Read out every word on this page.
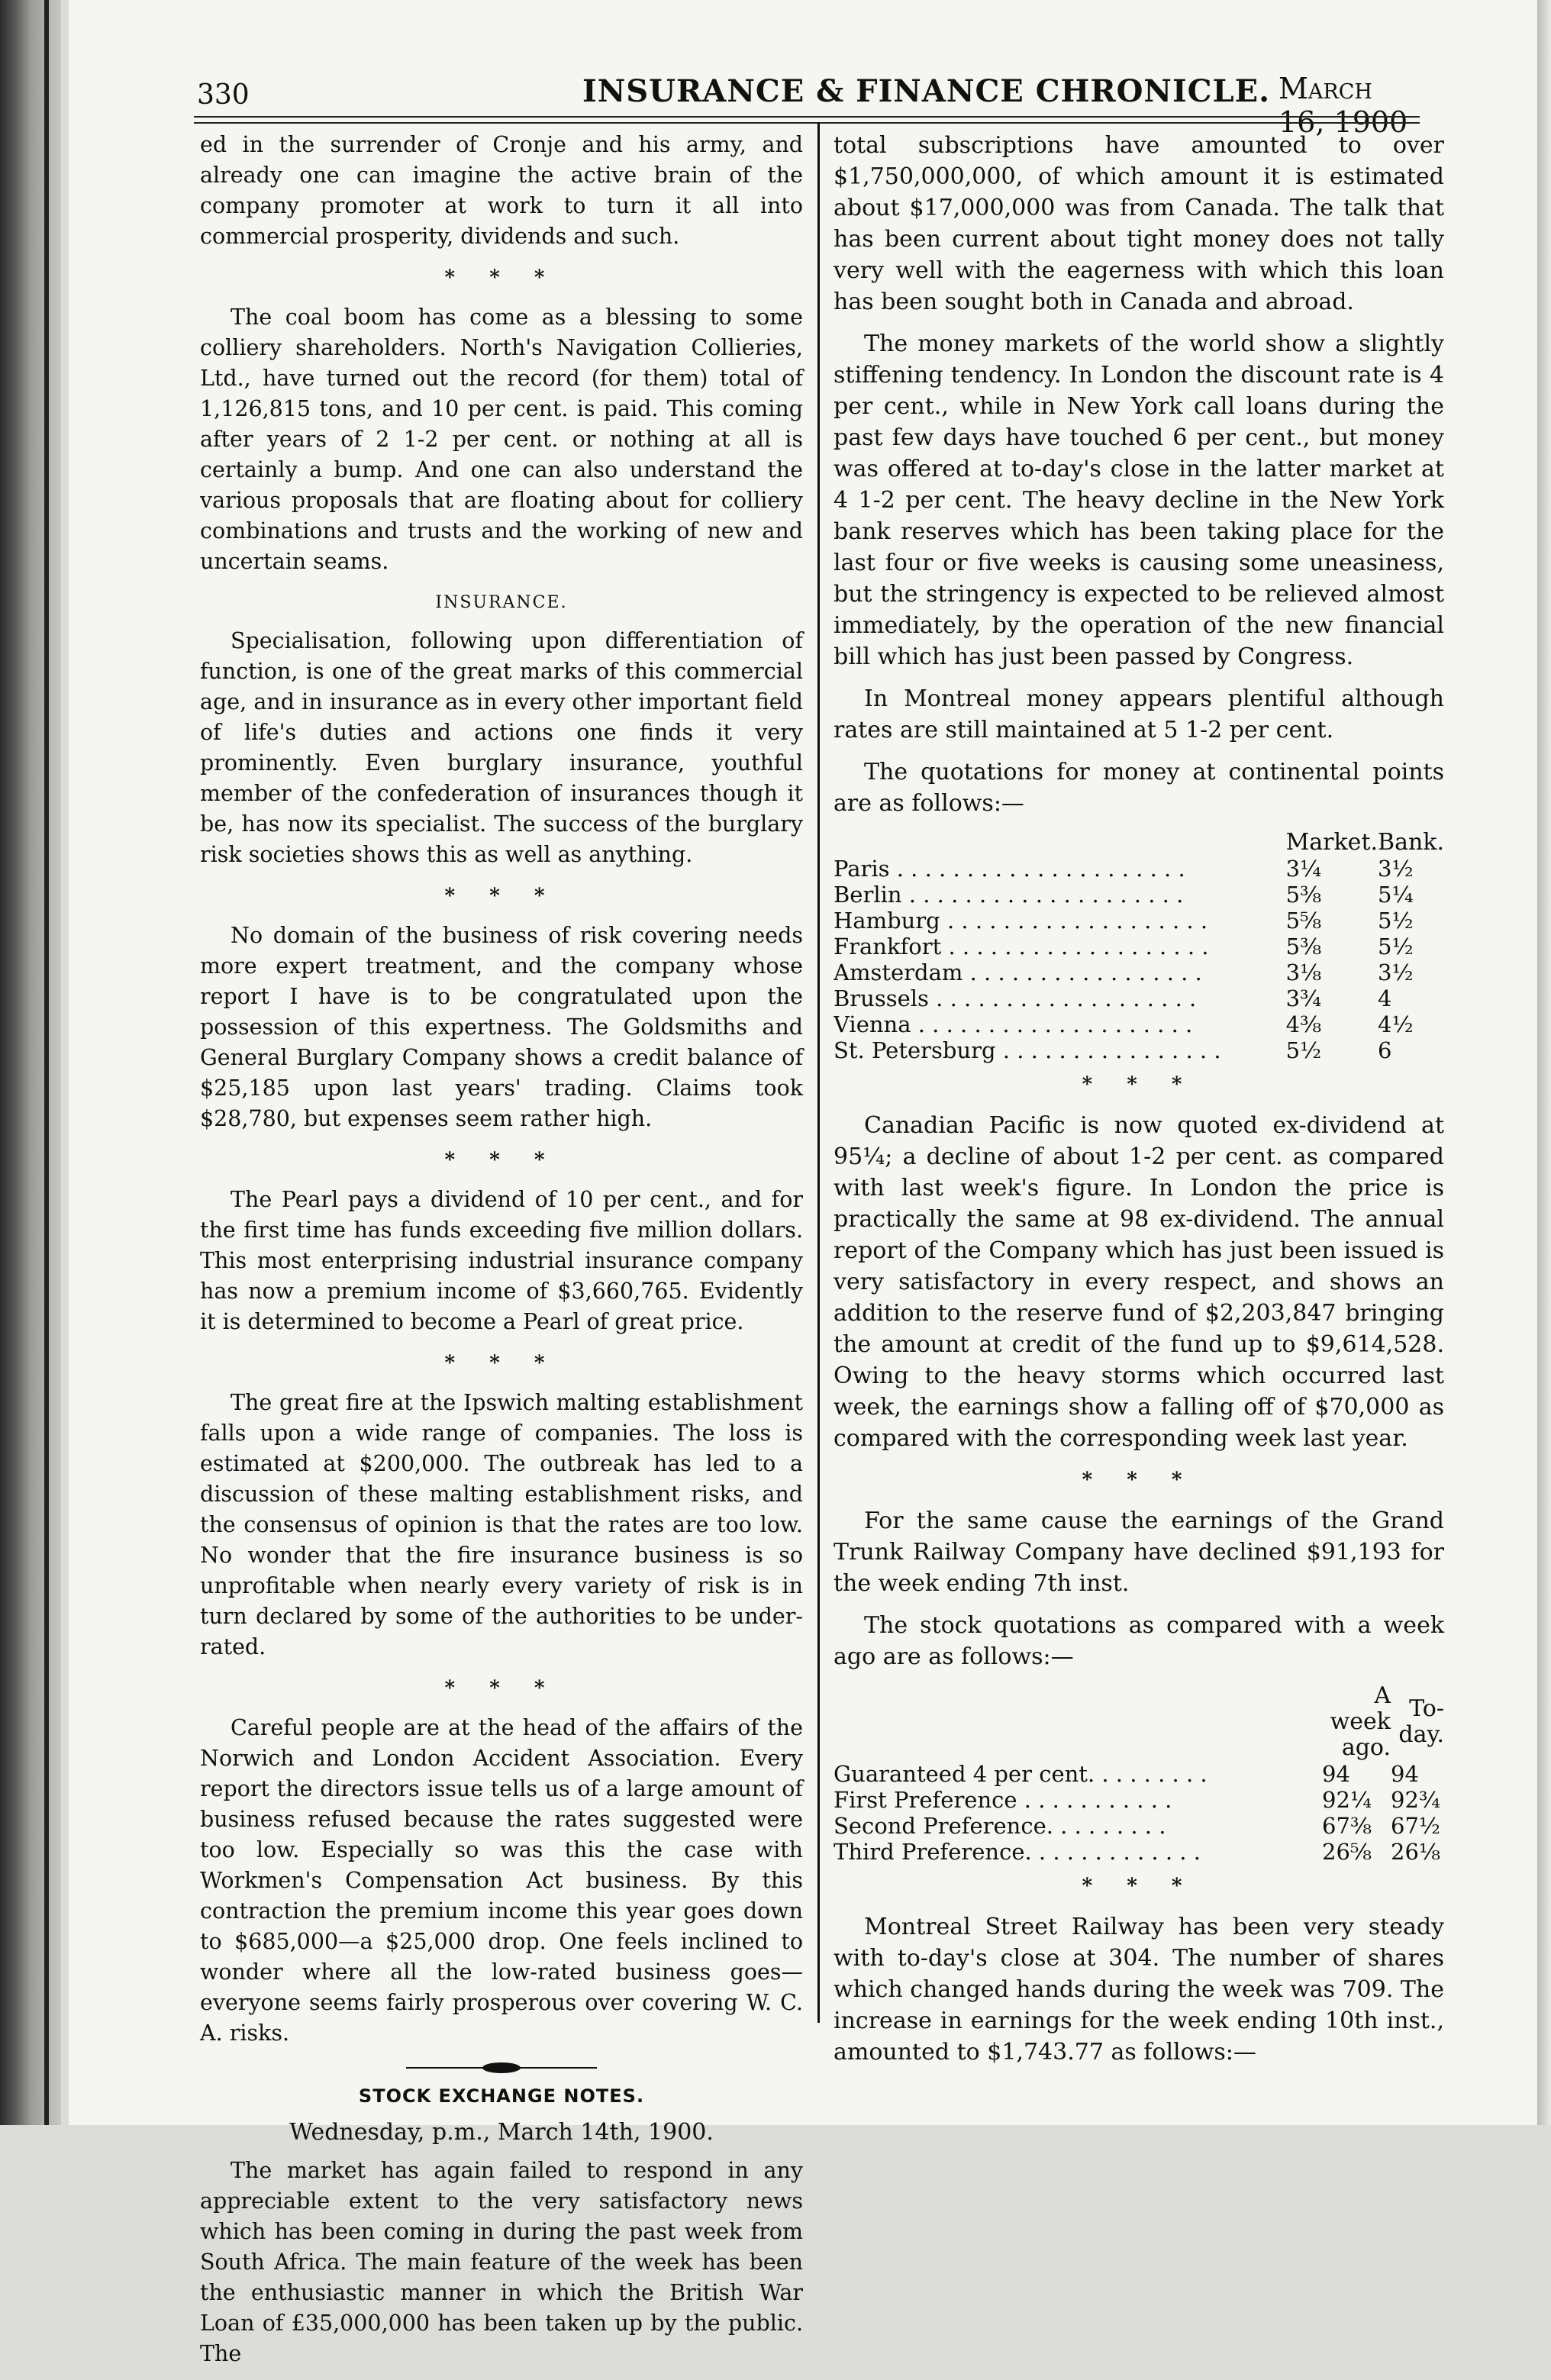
330	INSURANCE & FINANCE CHRONICLE. March 16, 1900

ed in the surrender of Cronje and his army, and already one can imagine the active brain of the company promoter at work to turn it all into commercial prosperity, dividends and such.

* * *

The coal boom has come as a blessing to some colliery shareholders. North's Navigation Collieries, Ltd., have turned out the record (for them) total of 1,126,815 tons, and 10 per cent. is paid. This coming after years of 2 1-2 per cent. or nothing at all is certainly a bump. And one can also understand the various proposals that are floating about for colliery combinations and trusts and the working of new and uncertain seams.

INSURANCE.

Specialisation, following upon differentiation of function, is one of the great marks of this commercial age, and in insurance as in every other important field of life's duties and actions one finds it very prominently. Even burglary insurance, youthful member of the confederation of insurances though it be, has now its specialist. The success of the burglary risk societies shows this as well as anything.

* * *

No domain of the business of risk covering needs more expert treatment, and the company whose report I have is to be congratulated upon the possession of this expertness. The Goldsmiths and General Burglary Company shows a credit balance of $25,185 upon last years' trading. Claims took $28,780, but expenses seem rather high.

* * *

The Pearl pays a dividend of 10 per cent., and for the first time has funds exceeding five million dollars. This most enterprising industrial insurance company has now a premium income of $3,660,765. Evidently it is determined to become a Pearl of great price.

* * *

The great fire at the Ipswich malting establishment falls upon a wide range of companies. The loss is estimated at $200,000. The outbreak has led to a discussion of these malting establishment risks, and the consensus of opinion is that the rates are too low. No wonder that the fire insurance business is so unprofitable when nearly every variety of risk is in turn declared by some of the authorities to be under-rated.

* * *

Careful people are at the head of the affairs of the Norwich and London Accident Association. Every report the directors issue tells us of a large amount of business refused because the rates suggested were too low. Especially so was this the case with Workmen's Compensation Act business. By this contraction the premium income this year goes down to $685,000—a $25,000 drop. One feels inclined to wonder where all the low-rated business goes—everyone seems fairly prosperous over covering W. C. A. risks.

STOCK EXCHANGE NOTES.
Wednesday, p.m., March 14th, 1900.

The market has again failed to respond in any appreciable extent to the very satisfactory news which has been coming in during the past week from South Africa. The main feature of the week has been the enthusiastic manner in which the British War Loan of £35,000,000 has been taken up by the public. The

total subscriptions have amounted to over $1,750,000,000, of which amount it is estimated about $17,000,000 was from Canada. The talk that has been current about tight money does not tally very well with the eagerness with which this loan has been sought both in Canada and abroad.

The money markets of the world show a slightly stiffening tendency. In London the discount rate is 4 per cent., while in New York call loans during the past few days have touched 6 per cent., but money was offered at to-day's close in the latter market at 4 1-2 per cent. The heavy decline in the New York bank reserves which has been taking place for the last four or five weeks is causing some uneasiness, but the stringency is expected to be relieved almost immediately, by the operation of the new financial bill which has just been passed by Congress.

In Montreal money appears plentiful although rates are still maintained at 5 1-2 per cent.

The quotations for money at continental points are as follows:—

	Market.	Bank.
Paris . . . . . . . . . . . . . . . . . . . . .	3¼	3½
Berlin . . . . . . . . . . . . . . . . . . . .	5⅜	5¼
Hamburg . . . . . . . . . . . . . . . . . . .	5⅝	5½
Frankfort . . . . . . . . . . . . . . . . . . .	5⅜	5½
Amsterdam . . . . . . . . . . . . . . . . .	3⅛	3½
Brussels . . . . . . . . . . . . . . . . . . .	3¾	4
Vienna . . . . . . . . . . . . . . . . . . . .	4⅜	4½
St. Petersburg . . . . . . . . . . . . . . . .	5½	6
* * *

Canadian Pacific is now quoted ex-dividend at 95¼; a decline of about 1-2 per cent. as compared with last week's figure. In London the price is practically the same at 98 ex-dividend. The annual report of the Company which has just been issued is very satisfactory in every respect, and shows an addition to the reserve fund of $2,203,847 bringing the amount at credit of the fund up to $9,614,528. Owing to the heavy storms which occurred last week, the earnings show a falling off of $70,000 as compared with the corresponding week last year.

* * *

For the same cause the earnings of the Grand Trunk Railway Company have declined $91,193 for the week ending 7th inst.

The stock quotations as compared with a week ago are as follows:—

	A week ago.	To-day.
Guaranteed 4 per cent. . . . . . . . .	94	94
First Preference . . . . . . . . . . .	92¼	92¾
Second Preference. . . . . . . . .	67⅜	67½
Third Preference. . . . . . . . . . . . .	26⅝	26⅛
* * *

Montreal Street Railway has been very steady with to-day's close at 304. The number of shares which changed hands during the week was 709. The increase in earnings for the week ending 10th inst., amounted to $1,743.77 as follows:—
